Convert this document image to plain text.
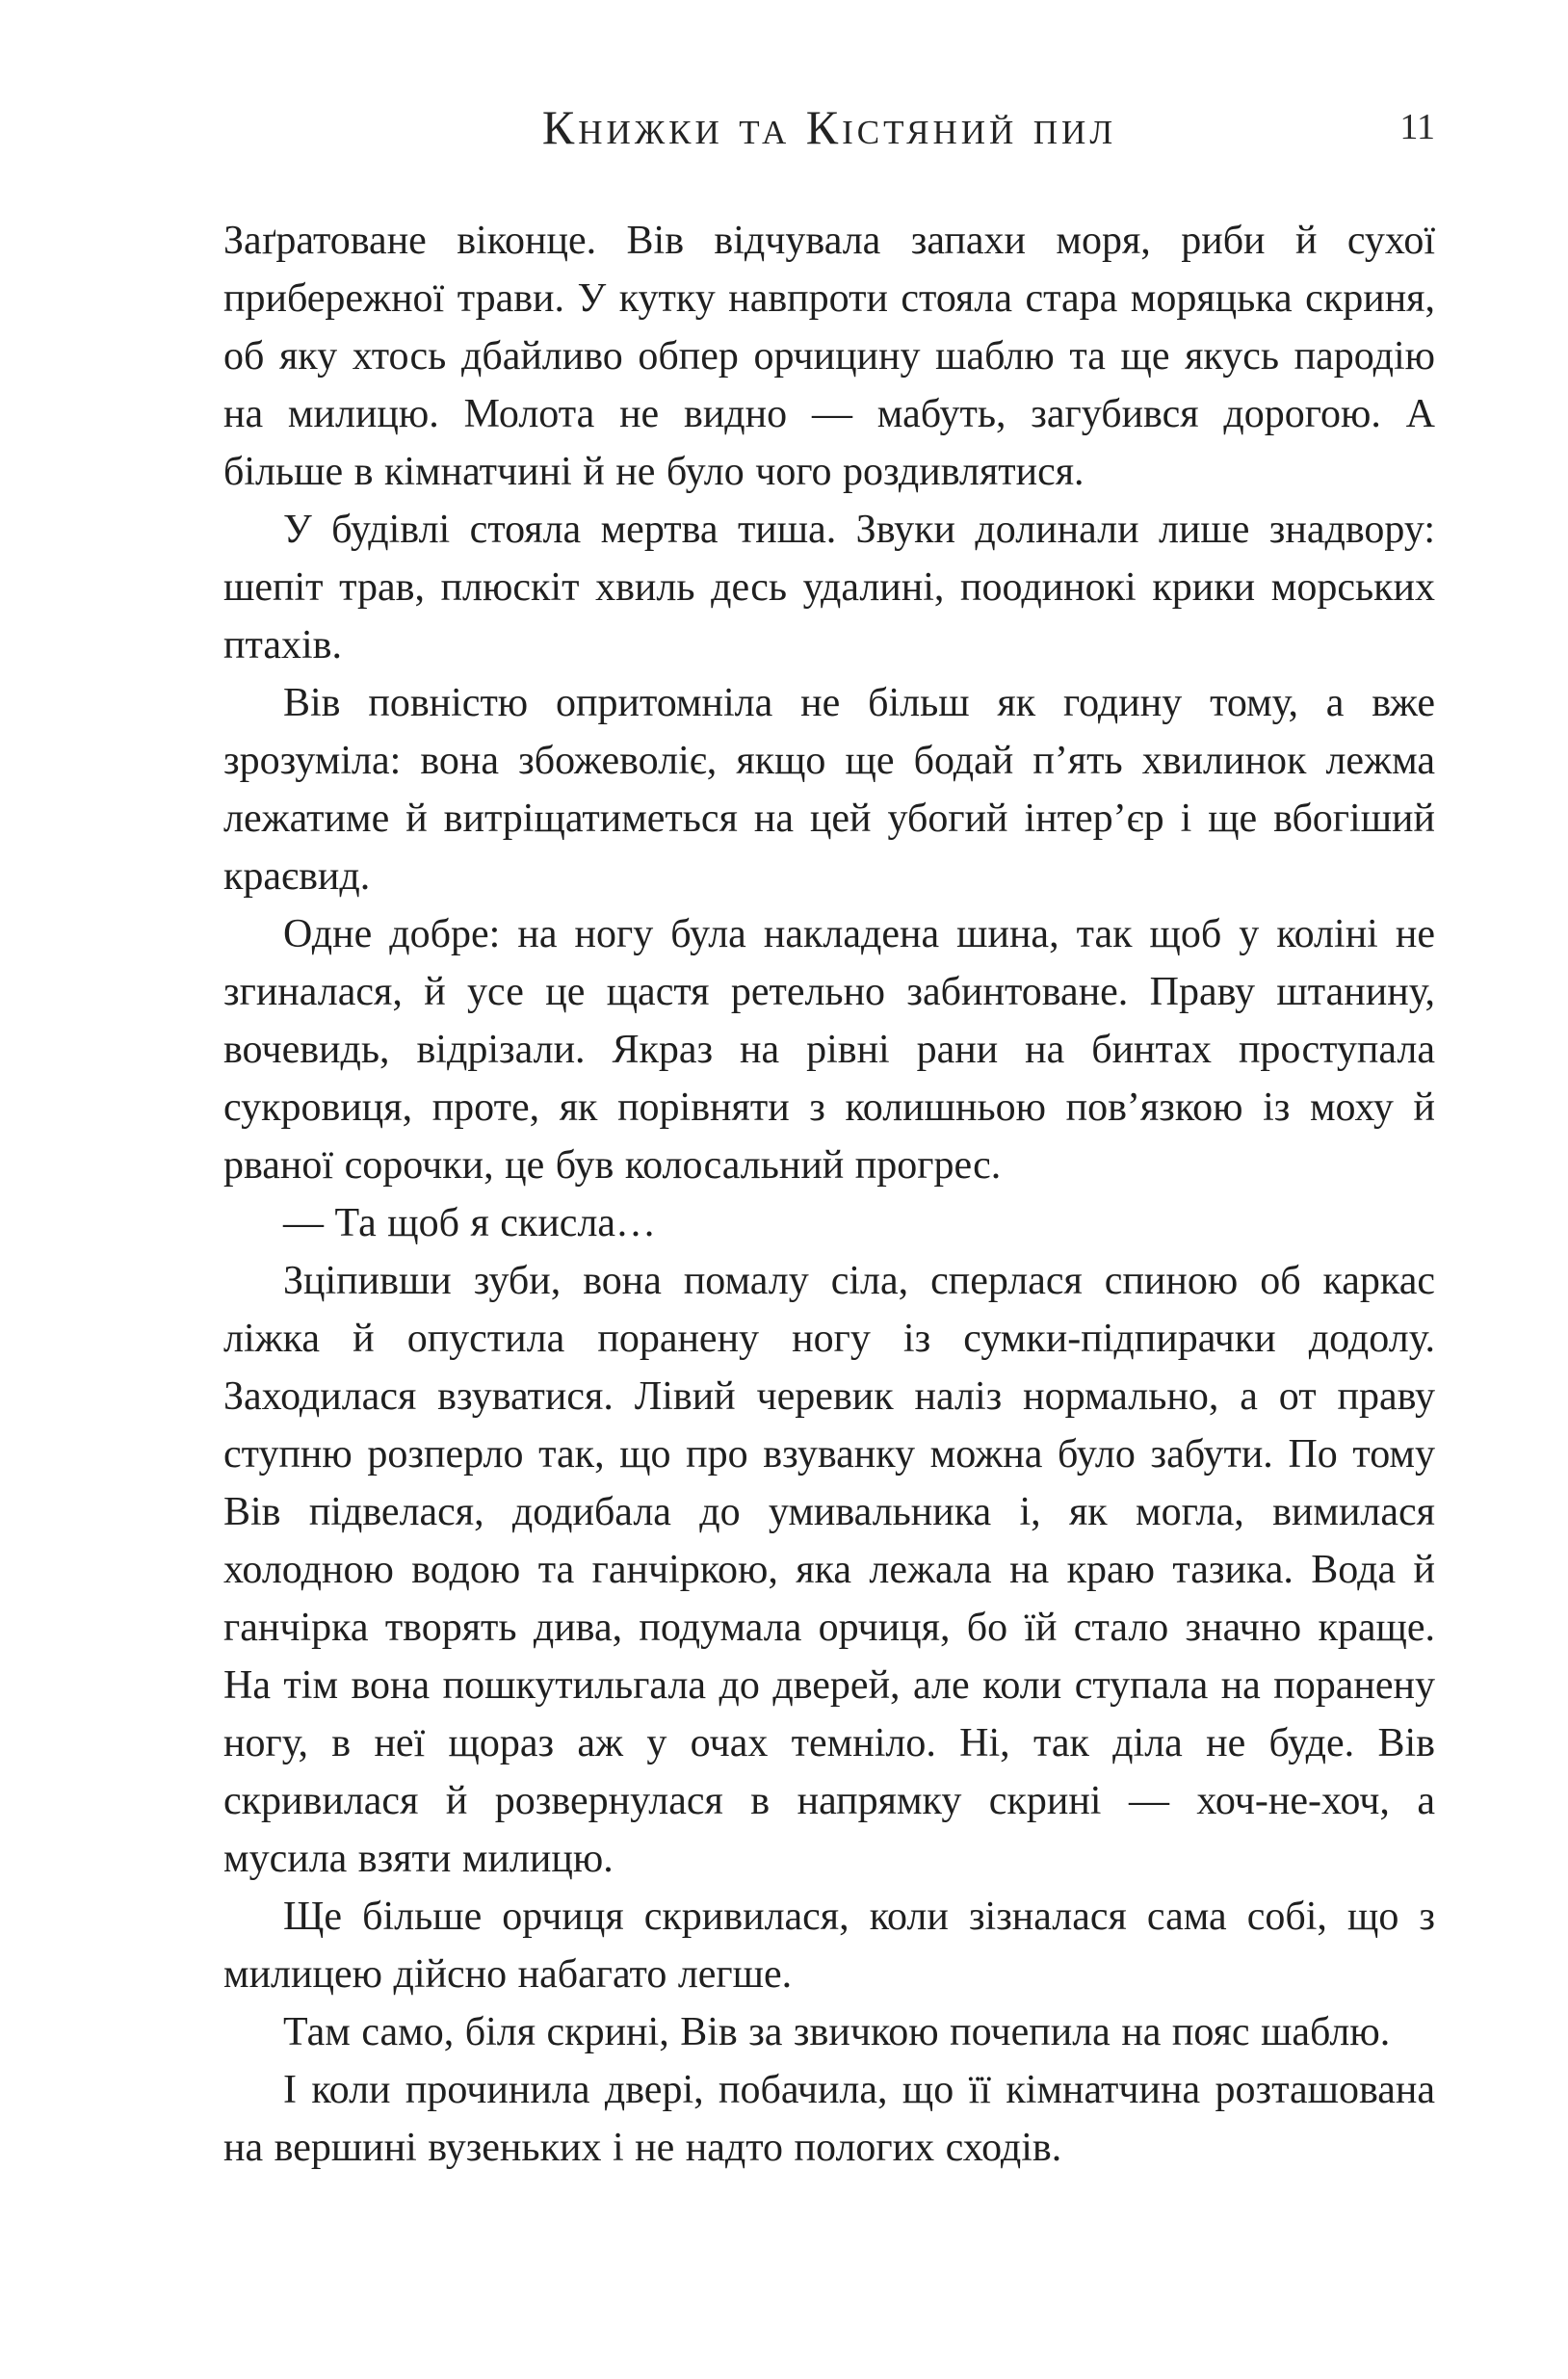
Книжки та Кістяний пил	11

Заґратоване віконце. Вів відчувала запахи моря, риби й сухої прибережної трави. У кутку навпроти стояла стара моряцька скриня, об яку хтось дбайливо обпер орчицину шаблю та ще якусь пародію на милицю. Молота не видно — мабуть, загубився дорогою. А більше в кімнатчині й не було чого роздивлятися.

У будівлі стояла мертва тиша. Звуки долинали лише знадвору: шепіт трав, плюскіт хвиль десь удалині, поодинокі крики морських птахів.

Вів повністю опритомніла не більш як годину тому, а вже зрозуміла: вона збожеволіє, якщо ще бодай п’ять хвилинок лежма лежатиме й витріщатиметься на цей убогий інтер’єр і ще вбогіший краєвид.

Одне добре: на ногу була накладена шина, так щоб у коліні не згиналася, й усе це щастя ретельно забинтоване. Праву штанину, вочевидь, відрізали. Якраз на рівні рани на бинтах проступала сукровиця, проте, як порівняти з колишньою пов’язкою із моху й рваної сорочки, це був колосальний прогрес.

— Та щоб я скисла…

Зціпивши зуби, вона помалу сіла, сперлася спиною об каркас ліжка й опустила поранену ногу із сумки-підпирачки додолу. Заходилася взуватися. Лівий черевик наліз нормально, а от праву ступню розперло так, що про взуванку можна було забути. По тому Вів підвелася, додибала до умивальника і, як могла, вимилася холодною водою та ганчіркою, яка лежала на краю тазика. Вода й ганчірка творять дива, подумала орчиця, бо їй стало значно краще. На тім вона пошкутильгала до дверей, але коли ступала на поранену ногу, в неї щораз аж у очах темніло. Ні, так діла не буде. Вів скривилася й розвернулася в напрямку скрині — хоч-не-хоч, а мусила взяти милицю.

Ще більше орчиця скривилася, коли зізналася сама собі, що з милицею дійсно набагато легше.

Там само, біля скрині, Вів за звичкою почепила на пояс шаблю.

І коли прочинила двері, побачила, що її кімнатчина розташована на вершині вузеньких і не надто пологих сходів.
